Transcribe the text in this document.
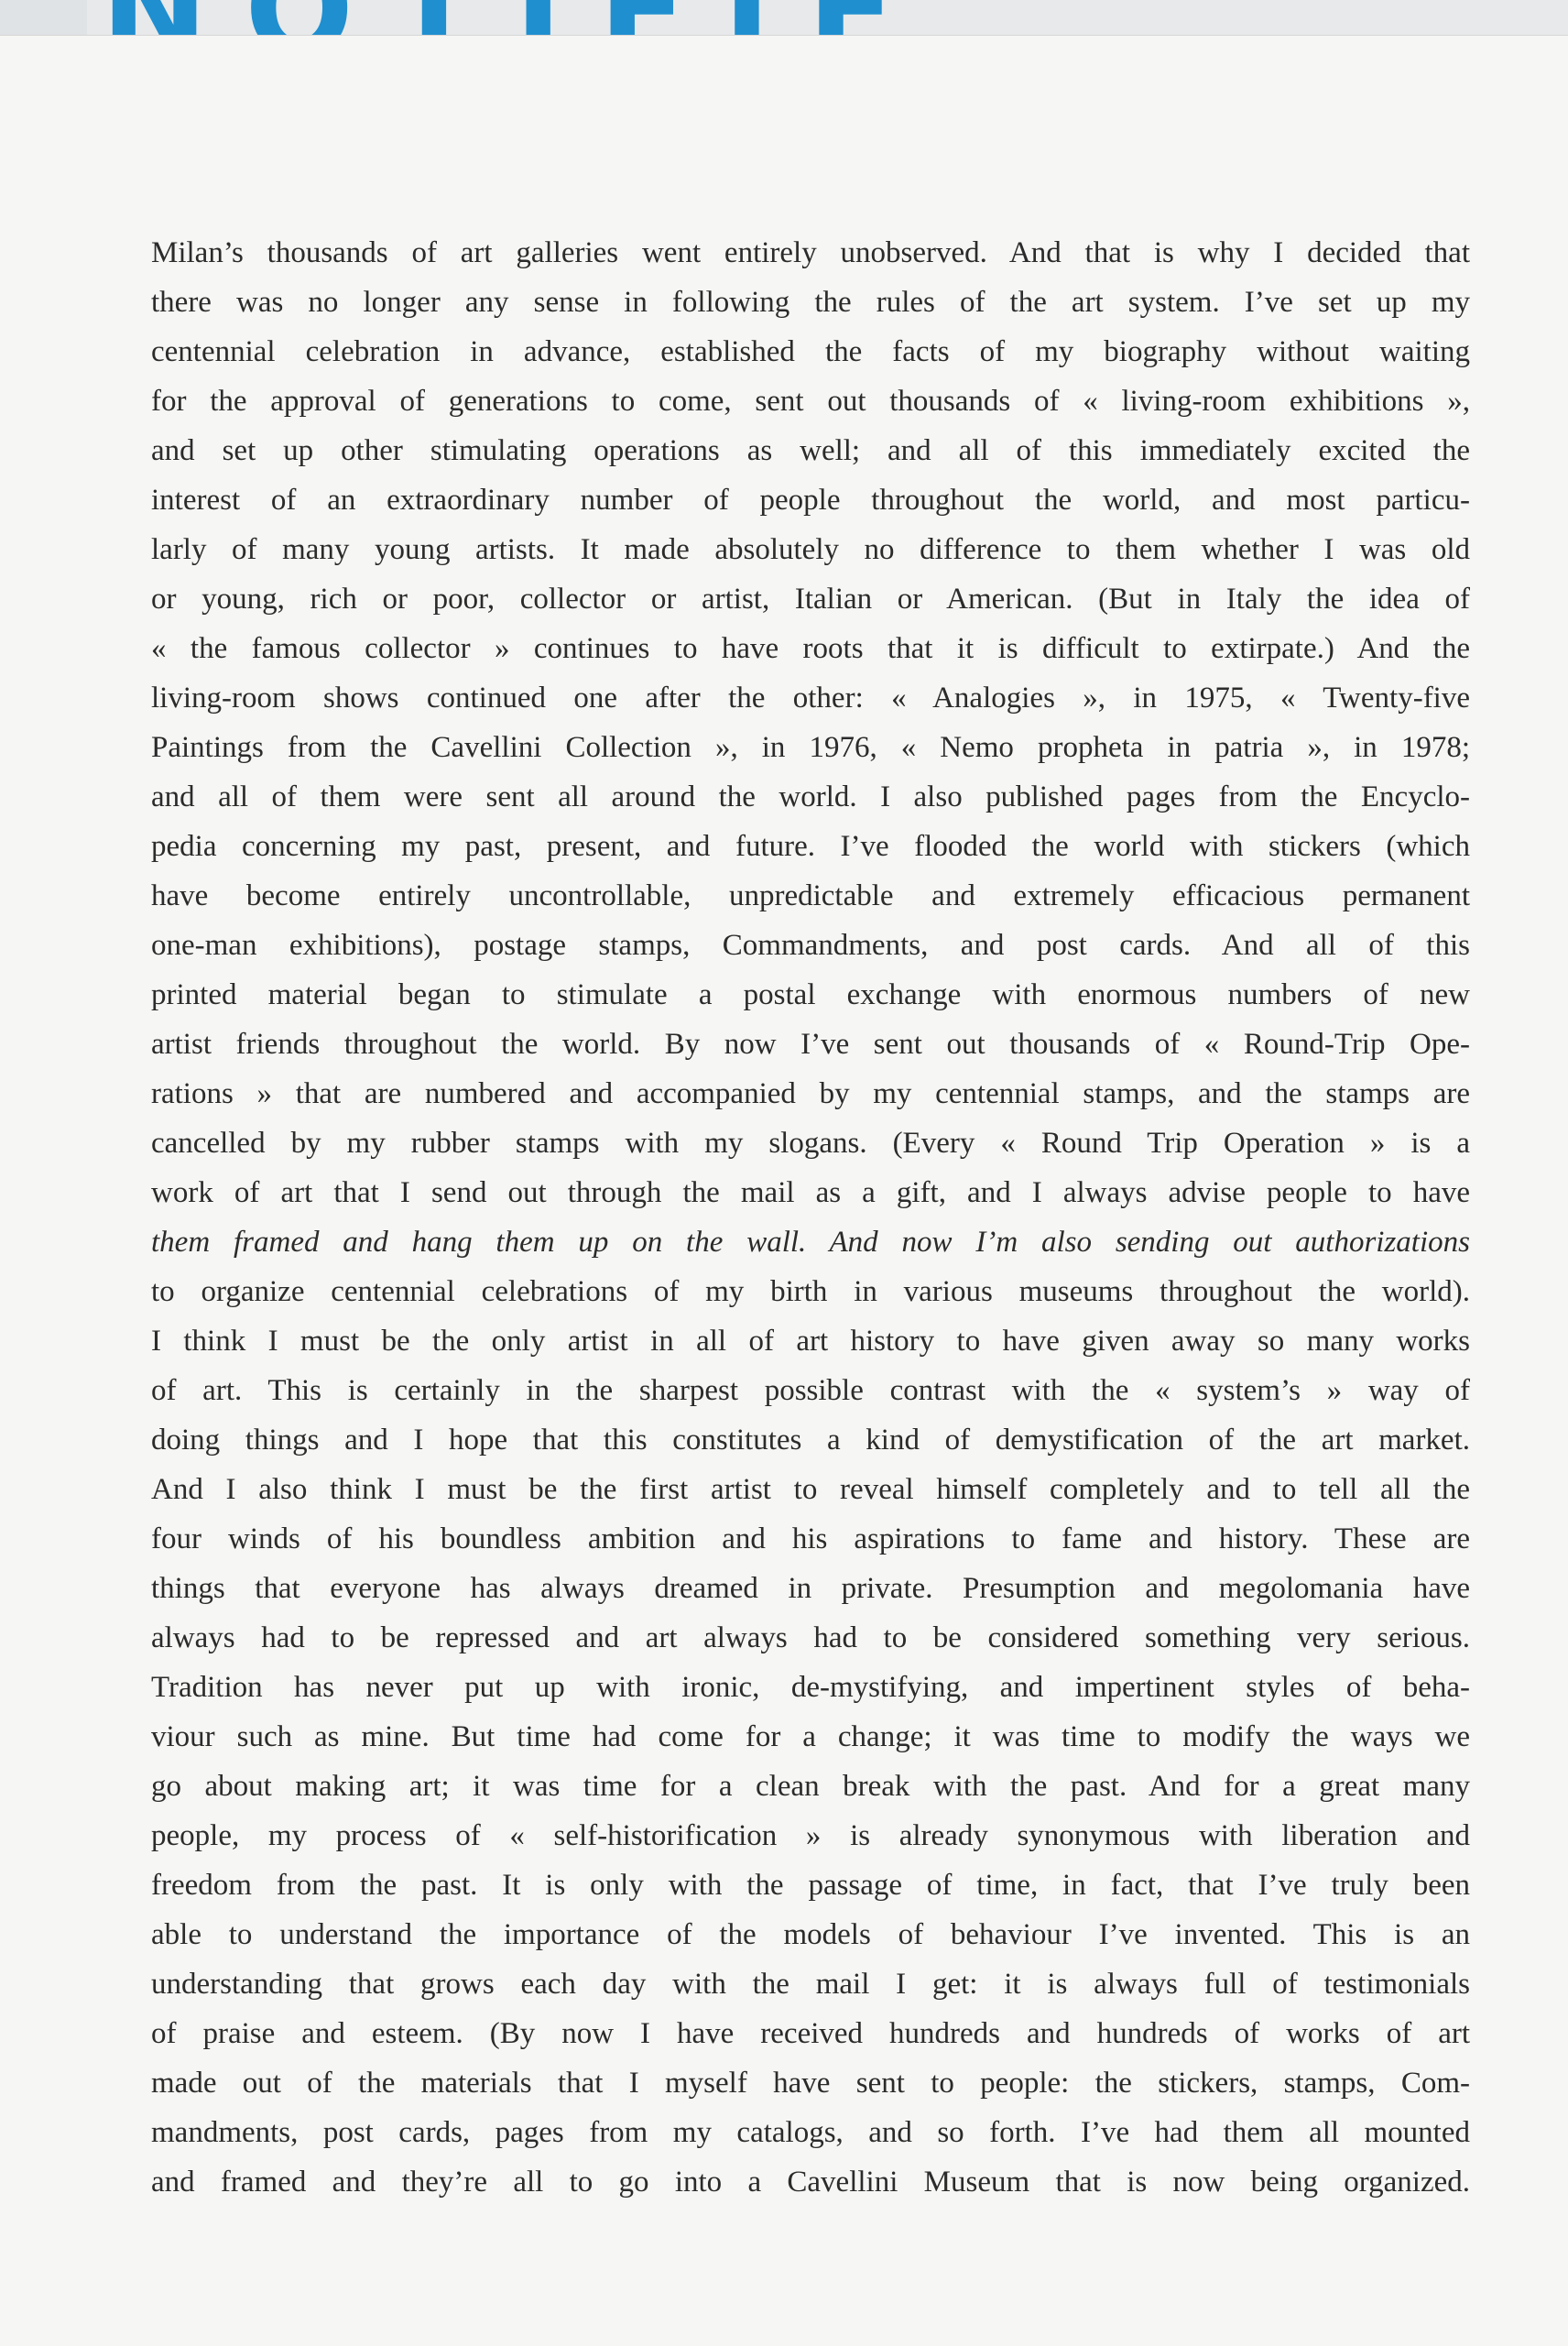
Milan’s thousands of art galleries went entirely unobserved. And that is why I decided that
there was no longer any sense in following the rules of the art system. I’ve set up my
centennial celebration in advance, established the facts of my biography without waiting
for the approval of generations to come, sent out thousands of « living-room exhibitions »,
and set up other stimulating operations as well; and all of this immediately excited the
interest of an extraordinary number of people throughout the world, and most particu-
larly of many young artists. It made absolutely no difference to them whether I was old
or young, rich or poor, collector or artist, Italian or American. (But in Italy the idea of
« the famous collector » continues to have roots that it is difficult to extirpate.) And the
living-room shows continued one after the other: « Analogies », in 1975, « Twenty-five
Paintings from the Cavellini Collection », in 1976, « Nemo propheta in patria », in 1978;
and all of them were sent all around the world. I also published pages from the Encyclo-
pedia concerning my past, present, and future. I’ve flooded the world with stickers (which
have become entirely uncontrollable, unpredictable and extremely efficacious permanent
one-man exhibitions), postage stamps, Commandments, and post cards. And all of this
printed material began to stimulate a postal exchange with enormous numbers of new
artist friends throughout the world. By now I’ve sent out thousands of « Round-Trip Ope-
rations » that are numbered and accompanied by my centennial stamps, and the stamps are
cancelled by my rubber stamps with my slogans. (Every « Round Trip Operation » is a
work of art that I send out through the mail as a gift, and I always advise people to have
them framed and hang them up on the wall. And now I’m also sending out authorizations
to organize centennial celebrations of my birth in various museums throughout the world).
I think I must be the only artist in all of art history to have given away so many works
of art. This is certainly in the sharpest possible contrast with the « system’s » way of
doing things and I hope that this constitutes a kind of demystification of the art market.
And I also think I must be the first artist to reveal himself completely and to tell all the
four winds of his boundless ambition and his aspirations to fame and history. These are
things that everyone has always dreamed in private. Presumption and megolomania have
always had to be repressed and art always had to be considered something very serious.
Tradition has never put up with ironic, de-mystifying, and impertinent styles of beha-
viour such as mine. But time had come for a change; it was time to modify the ways we
go about making art; it was time for a clean break with the past. And for a great many
people, my process of « self-historification » is already synonymous with liberation and
freedom from the past. It is only with the passage of time, in fact, that I’ve truly been
able to understand the importance of the models of behaviour I’ve invented. This is an
understanding that grows each day with the mail I get: it is always full of testimonials
of praise and esteem. (By now I have received hundreds and hundreds of works of art
made out of the materials that I myself have sent to people: the stickers, stamps, Com-
mandments, post cards, pages from my catalogs, and so forth. I’ve had them all mounted
and framed and they’re all to go into a Cavellini Museum that is now being organized.
